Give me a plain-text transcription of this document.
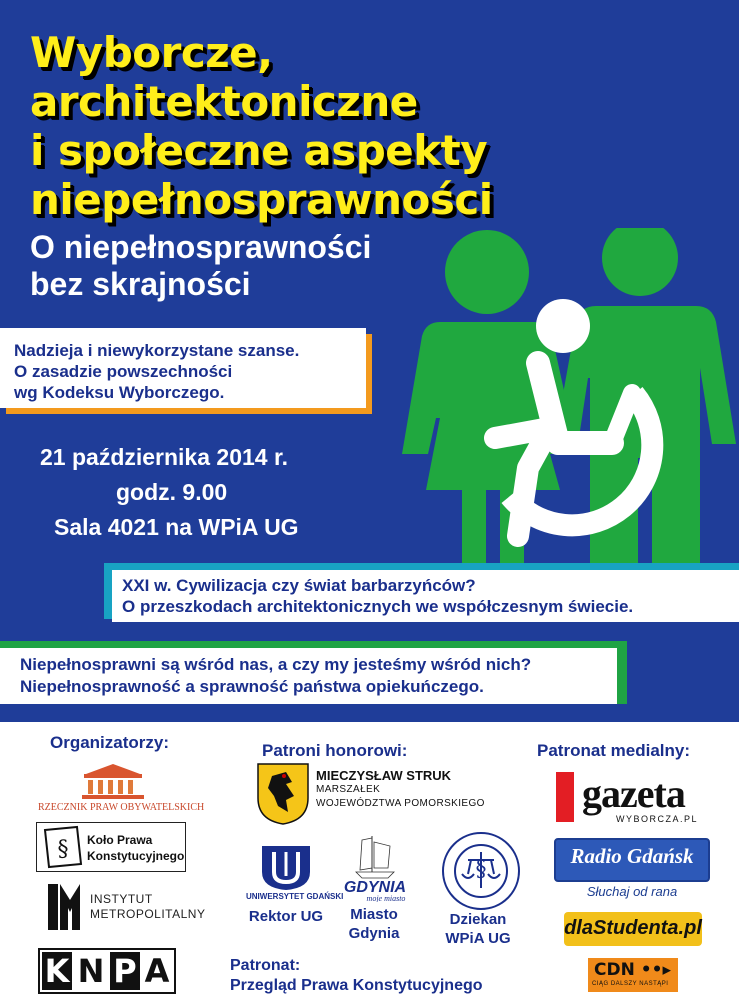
Wyborcze,
architektoniczne
i społeczne aspekty
niepełnosprawności
O niepełnosprawności
bez skrajności
Nadzieja i niewykorzystane szanse.
O zasadzie powszechności
wg Kodeksu Wyborczego.
21 października 2014 r.
godz. 9.00
Sala 4021 na WPiA UG
XXI w. Cywilizacja czy świat barbarzyńców?
O przeszkodach architektonicznych we współczesnym świecie.
Niepełnosprawni są wśród nas, a czy my jesteśmy wśród nich?
Niepełnosprawność a sprawność państwa opiekuńczego.
Organizatorzy:	Patroni honorowi:	Patronat medialny:
RZECZNIK PRAW OBYWATELSKICH
§ Koło Prawa
Konstytucyjnego
INSTYTUT
METROPOLITALNY
K N P A
MIECZYSŁAW STRUK
MARSZAŁEK
WOJEWÓDZTWA POMORSKIEGO
UNIWERSYTET GDAŃSKI
Rektor UG
GDYNIA
moje miasto
Miasto
Gdynia
§
Dziekan
WPiA UG
Patronat:
Przegląd Prawa Konstytucyjnego
gazeta
WYBORCZA.PL
Radio Gdańsk
Słuchaj od rana
dlaStudenta.pl
CDN ••▸
CIĄG DALSZY NASTĄPI
